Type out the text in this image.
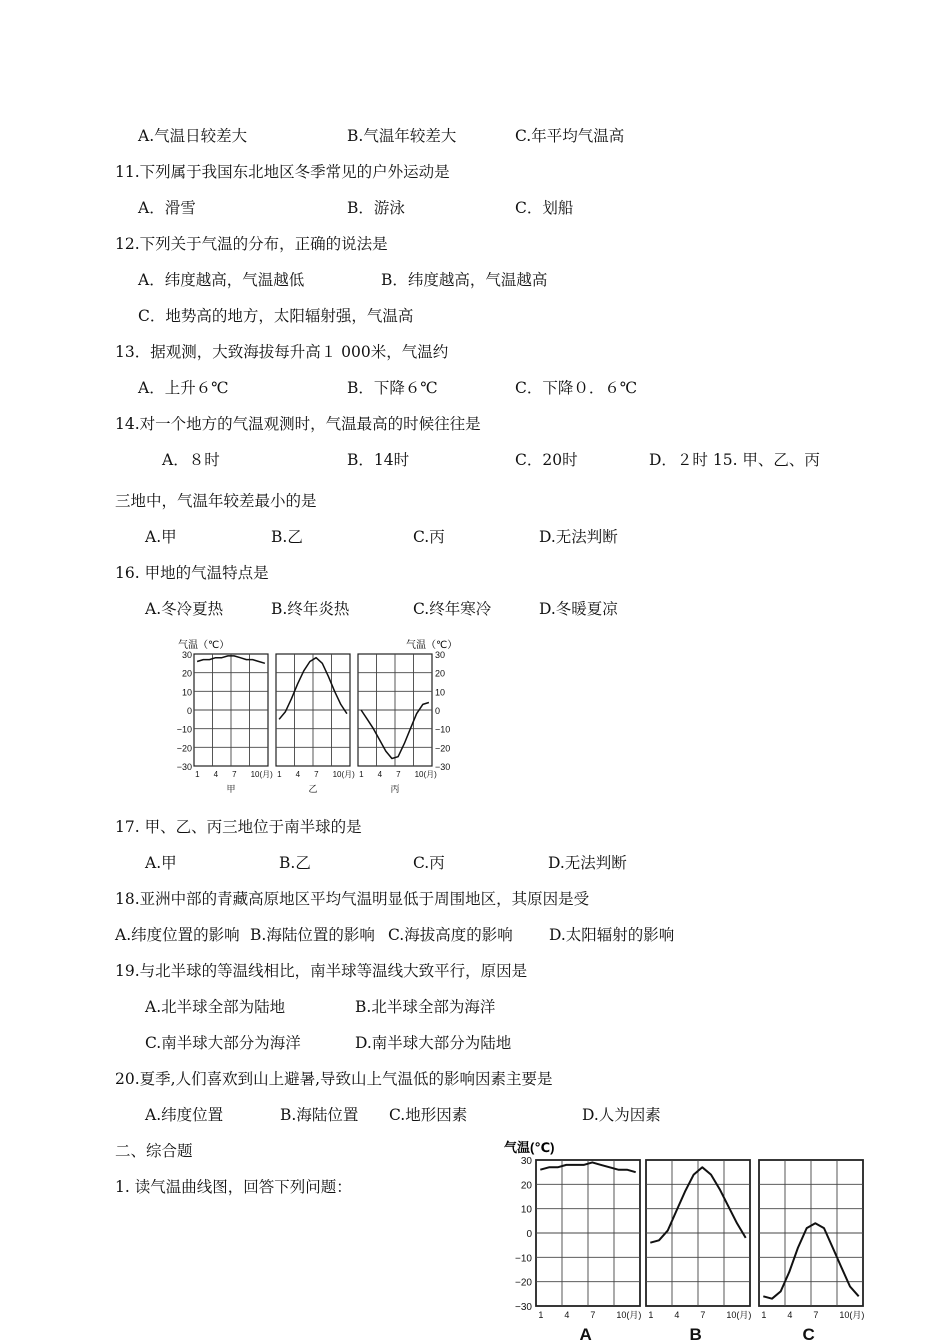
A.气温日较差大	B.气温年较差大	C.年平均气温高
11.下列属于我国东北地区冬季常见的户外运动是
A．滑雪	B．游泳	C．划船
12.下列关于气温的分布，正确的说法是
A．纬度越高，气温越低	B．纬度越高，气温越高
C．地势高的地方，太阳辐射强，气温高
13．据观测，大致海拔每升高１ 000米，气温约
A．上升６℃	B．下降６℃	C．下降０．６℃
14.对一个地方的气温观测时，气温最高的时候往往是
A．８时	B．14时	C．20时	D．２时 15. 甲、乙、丙
三地中，气温年较差最小的是
A.甲	B.乙	C.丙	D.无法判断
16. 甲地的气温特点是
A.冬冷夏热	B.终年炎热	C.终年寒冷	D.冬暖夏凉
气温（℃）	气温（℃）
1 4 7 10(月)
甲
1 4 7 10(月)
乙
1 4 7 10(月)
丙
30	30
20	20
10	10
0	0
−10	−10
−20	−20
−30	−30
17. 甲、乙、丙三地位于南半球的是
A.甲	B.乙	C.丙	D.无法判断
18.亚洲中部的青藏高原地区平均气温明显低于周围地区，其原因是受
A.纬度位置的影响 B.海陆位置的影响 C.海拔高度的影响 D.太阳辐射的影响
19.与北半球的等温线相比，南半球等温线大致平行，原因是
A.北半球全部为陆地	B.北半球全部为海洋
C.南半球大部分为海洋	D.南半球大部分为陆地
20.夏季,人们喜欢到山上避暑,导致山上气温低的影响因素主要是
A.纬度位置	B.海陆位置 C.地形因素	D.人为因素
二、综合题
1. 读气温曲线图，回答下列问题：
气温(℃)
1 4 7 10(月)
A
1 4 7 10(月)
B
1 4 7 10(月)
C
30
20
10
0
−10
−20
−30
